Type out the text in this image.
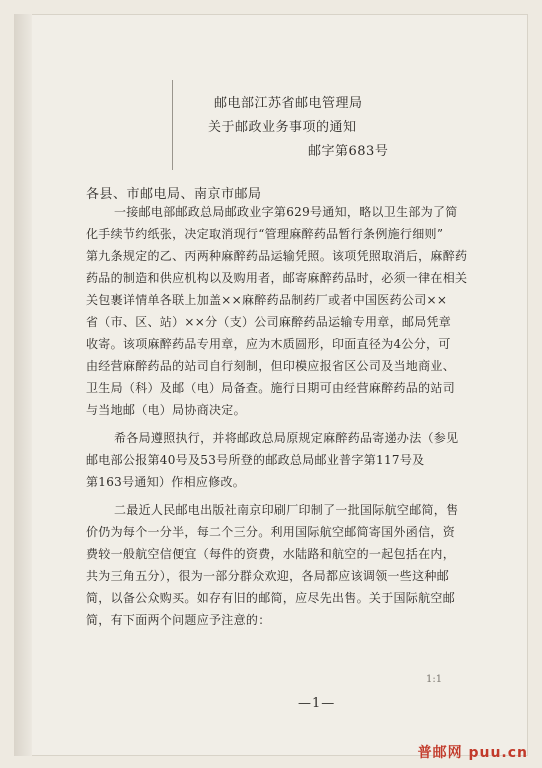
邮电部江苏省邮电管理局
关于邮政业务事项的通知
邮字第683号
各县、市邮电局、南京市邮局
一接邮电部邮政总局邮政业字第629号通知，略以卫生部为了简
化手续节约纸张，决定取消现行“管理麻醉药品暂行条例施行细则”
第九条规定的乙、丙两种麻醉药品运输凭照。该项凭照取消后，麻醉药
药品的制造和供应机构以及购用者，邮寄麻醉药品时，必须一律在相关
关包裹详情单各联上加盖××麻醉药品制药厂或者中国医药公司××
省（市、区、站）××分（支）公司麻醉药品运输专用章，邮局凭章
收寄。该项麻醉药品专用章，应为木质圆形，印面直径为4公分，可
由经营麻醉药品的站司自行刻制，但印模应报省区公司及当地商业、
卫生局（科）及邮（电）局备查。施行日期可由经营麻醉药品的站司
与当地邮（电）局协商决定。
希各局遵照执行，并将邮政总局原规定麻醉药品寄递办法（参见
邮电部公报第40号及53号所登的邮政总局邮业普字第117号及
第163号通知）作相应修改。
二最近人民邮电出版社南京印刷厂印制了一批国际航空邮简，售
价仍为每个一分半，每二个三分。利用国际航空邮简寄国外函信，资
费较一般航空信便宜（每件的资费，水陆路和航空的一起包括在内，
共为三角五分），很为一部分群众欢迎，各局都应该调领一些这种邮
简，以备公众购买。如存有旧的邮简，应尽先出售。关于国际航空邮
简，有下面两个问题应予注意的：
1:1
—1—
普邮网 puu.cn
